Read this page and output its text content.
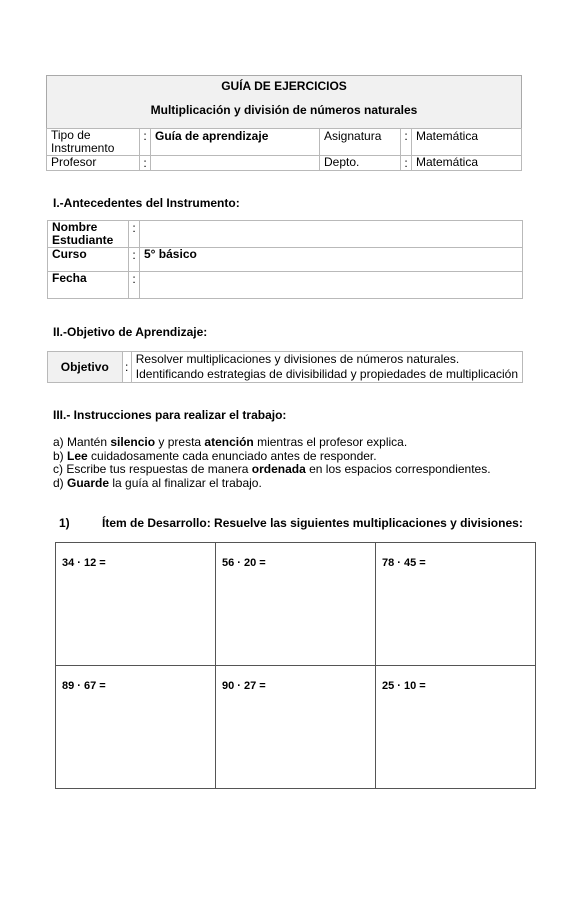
GUÍA DE EJERCICIOS
Multiplicación y división de números naturales
Tipo de Instrumento	:	Guía de aprendizaje	Asignatura	:	Matemática
Profesor	:		Depto.	:	Matemática
I.-Antecedentes del Instrumento:
Nombre Estudiante	:	
Curso	:	5° básico
Fecha	:	
II.-Objetivo de Aprendizaje:
Objetivo	:	
Resolver multiplicaciones y divisiones de números naturales.
Identificando estrategias de divisibilidad y propiedades de multiplicación
III.- Instrucciones para realizar el trabajo:
a) Mantén silencio y presta atención mientras el profesor explica.
b) Lee cuidadosamente cada enunciado antes de responder.
c) Escribe tus respuestas de manera ordenada en los espacios correspondientes.
d) Guarde la guía al finalizar el trabajo.
1)	Ítem de Desarrollo: Resuelve las siguientes multiplicaciones y divisiones:
34 · 12 =	56 · 20 =	78 · 45 =

89 · 67 =	90 · 27 =	25 · 10 =
